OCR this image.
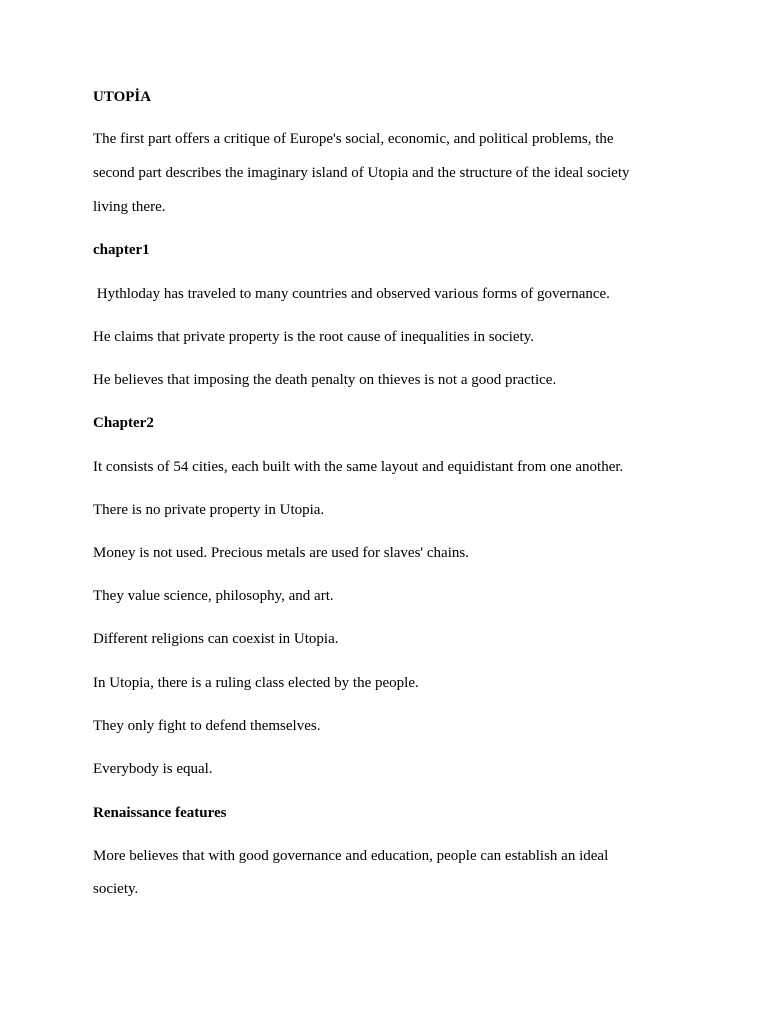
UTOPİA

The first part offers a critique of Europe's social, economic, and political problems, the

second part describes the imaginary island of Utopia and the structure of the ideal society

living there.

chapter1

Hythloday has traveled to many countries and observed various forms of governance.

He claims that private property is the root cause of inequalities in society.

He believes that imposing the death penalty on thieves is not a good practice.

Chapter2

It consists of 54 cities, each built with the same layout and equidistant from one another.

There is no private property in Utopia.

Money is not used. Precious metals are used for slaves' chains.

They value science, philosophy, and art.

Different religions can coexist in Utopia.

In Utopia, there is a ruling class elected by the people.

They only fight to defend themselves.

Everybody is equal.

Renaissance features

More believes that with good governance and education, people can establish an ideal

society.
